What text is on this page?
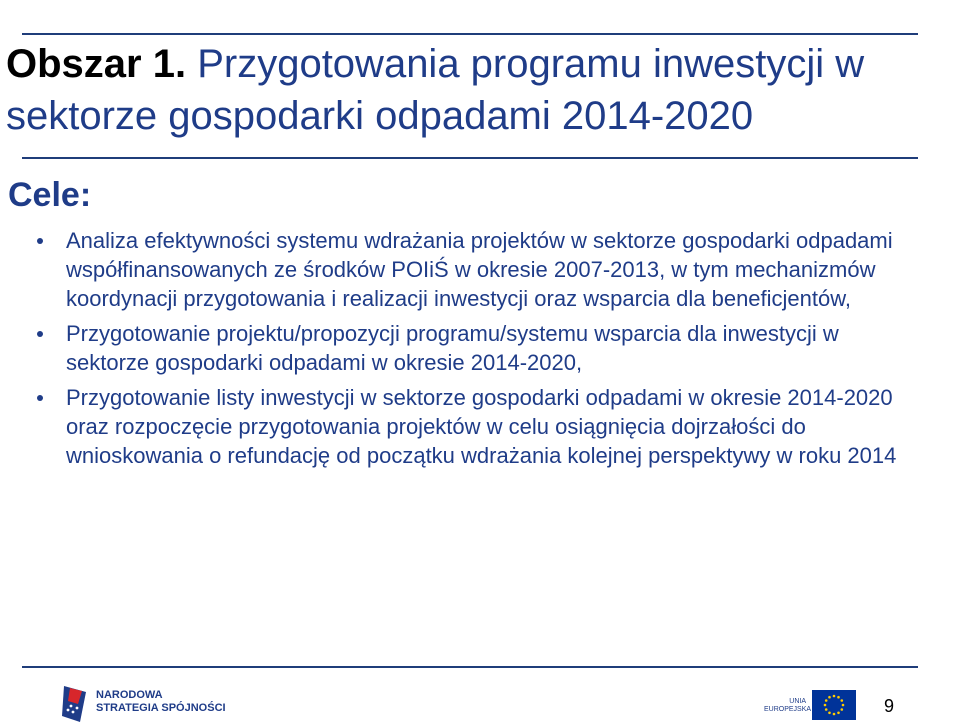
Obszar 1. Przygotowania programu inwestycji w sektorze gospodarki odpadami 2014-2020
Cele:
Analiza efektywności systemu wdrażania projektów w sektorze gospodarki odpadami współfinansowanych ze środków POIiŚ w okresie 2007-2013, w tym mechanizmów koordynacji przygotowania i realizacji inwestycji oraz wsparcia dla beneficjentów,
Przygotowanie projektu/propozycji programu/systemu wsparcia dla inwestycji w sektorze gospodarki odpadami w okresie 2014-2020,
Przygotowanie listy inwestycji w sektorze gospodarki odpadami w okresie 2014-2020 oraz rozpoczęcie przygotowania projektów w celu osiągnięcia dojrzałości do wnioskowania o refundację od początku wdrażania kolejnej perspektywy w roku 2014
NARODOWA
STRATEGIA SPÓJNOŚCI
UNIA
EUROPEJSKA	9
